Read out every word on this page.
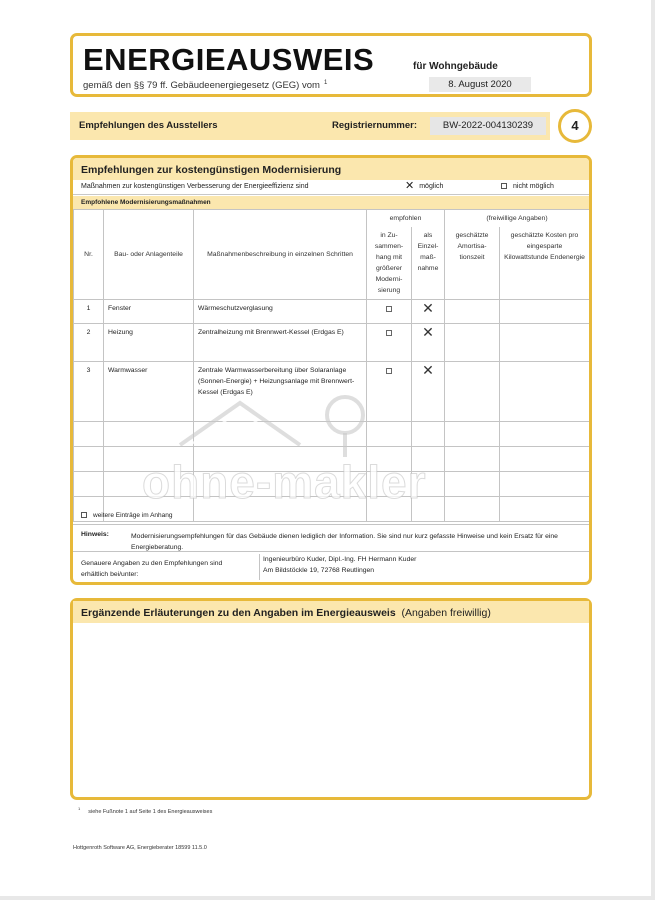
ENERGIEAUSWEIS	für Wohngebäude
gemäß den §§ 79 ff. Gebäudeenergiegesetz (GEG) vom $^1$	8. August 2020
Empfehlungen des Ausstellers	Registriernummer:	BW-2022-004130239	4
Empfehlungen zur kostengünstigen Modernisierung
Maßnahmen zur kostengünstigen Verbesserung der Energieeffizienz sind	✕ möglich	nicht möglich
Empfohlene Modernisierungsmaßnahmen
Nr.	Bau- oder Anlagenteile	Maßnahmenbeschreibung in einzelnen Schritten	empfohlen		(freiwillige Angaben)	
			in Zu-sammen-hang mit größerer Moderni-sierung	als Einzel-maß-nahme	geschätzte Amortisa-tionszeit	geschätzte Kosten pro eingesparte Kilowattstunde Endenergie
1	Fenster	Wärmeschutzverglasung		✕		
2	Heizung	Zentralheizung mit Brennwert-Kessel (Erdgas E)		✕		
3	Warmwasser	Zentrale Warmwasserbereitung über Solaranlage (Sonnen-Energie) + Heizungsanlage mit Brennwert-Kessel (Erdgas E)		✕		

weitere Einträge im Anhang
Hinweis:	Modernisierungsempfehlungen für das Gebäude dienen lediglich der Information. Sie sind nur kurz gefasste Hinweise und kein Ersatz für eine Energieberatung.
Genauere Angaben zu den Empfehlungen sind erhältlich bei/unter:
Ingenieurbüro Kuder, Dipl.-Ing. FH Hermann Kuder
Am Bildstöckle 19, 72768 Reutlingen
Ergänzende Erläuterungen zu den Angaben im Energieausweis (Angaben freiwillig)
$^1$siehe Fußnote 1 auf Seite 1 des Energieausweises
Hottgenroth Software AG, Energieberater 18599 11.5.0
ohne-makler
